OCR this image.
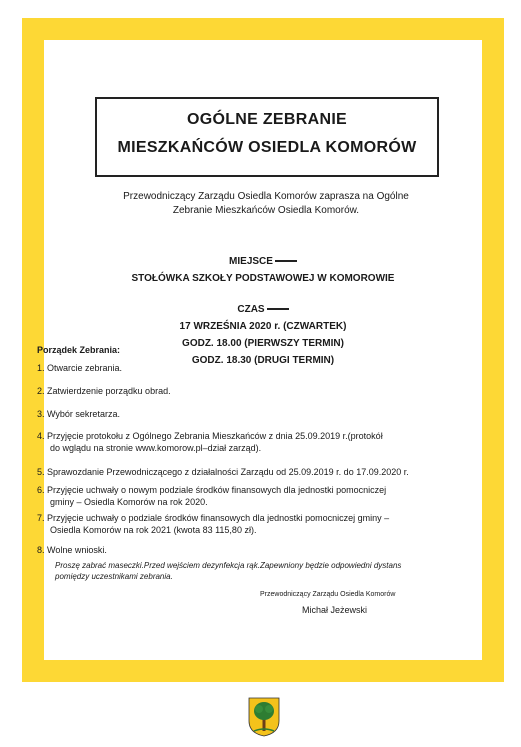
OGÓLNE ZEBRANIE
MIESZKAŃCÓW OSIEDLA KOMORÓW
Przewodniczący Zarządu Osiedla Komorów zaprasza na Ogólne
Zebranie Mieszkańców Osiedla Komorów.
MIEJSCE
STOŁÓWKA SZKOŁY PODSTAWOWEJ W KOMOROWIE
CZAS
17 WRZEŚNIA 2020 r. (CZWARTEK)
GODZ. 18.00 (PIERWSZY TERMIN)
GODZ. 18.30 (DRUGI TERMIN)
Porządek Zebrania:
1. Otwarcie zebrania.
2. Zatwierdzenie porządku obrad.
3. Wybór sekretarza.
4. Przyjęcie protokołu z Ogólnego Zebrania Mieszkańców z dnia 25.09.2019 r.(protokół
do wglądu na stronie www.komorow.pl–dział zarząd).
5. Sprawozdanie Przewodniczącego z działalności Zarządu od 25.09.2019 r. do 17.09.2020 r.
6. Przyjęcie uchwały o nowym podziale środków finansowych dla jednostki pomocniczej
gminy – Osiedla Komorów na rok 2020.
7. Przyjęcie uchwały o podziale środków finansowych dla jednostki pomocniczej gminy –
Osiedla Komorów na rok 2021 (kwota 83 115,80 zł).
8. Wolne wnioski.
Proszę zabrać maseczki.Przed wejściem dezynfekcja rąk.Zapewniony będzie odpowiedni dystans
pomiędzy uczestnikami zebrania.
Przewodniczący Zarządu Osiedla Komorów
Michał Jeżewski
